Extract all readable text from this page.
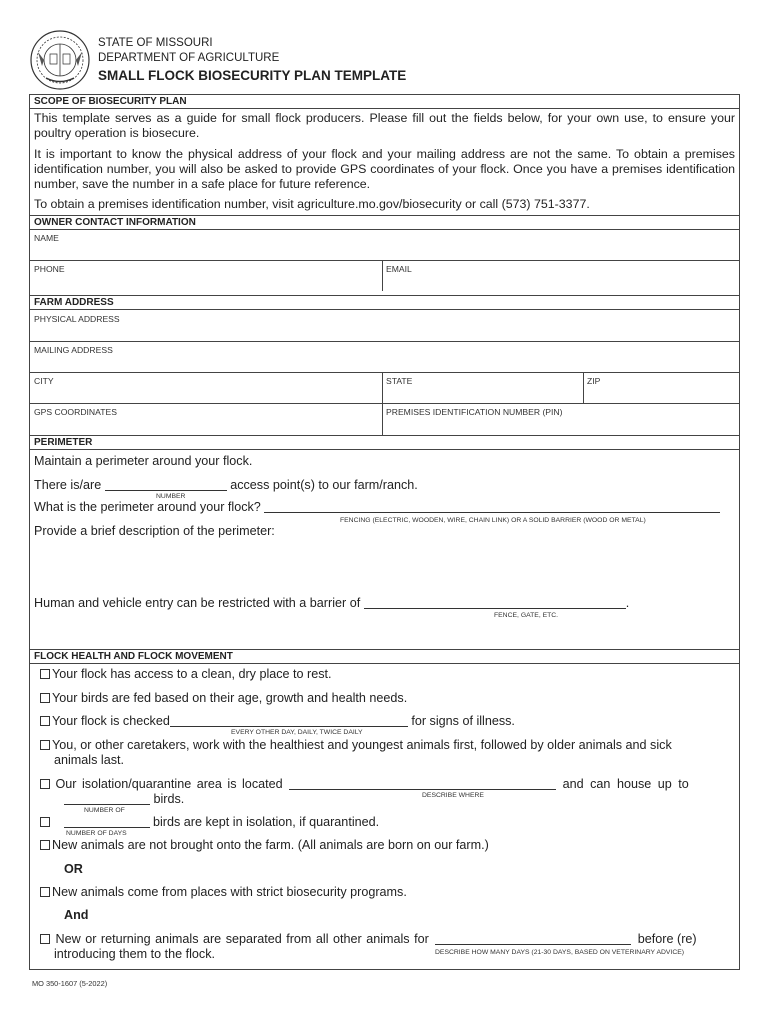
STATE OF MISSOURI
DEPARTMENT OF AGRICULTURE
SMALL FLOCK BIOSECURITY PLAN TEMPLATE
SCOPE OF BIOSECURITY PLAN
This template serves as a guide for small flock producers. Please fill out the fields below, for your own use, to ensure your poultry operation is biosecure.
It is important to know the physical address of your flock and your mailing address are not the same. To obtain a premises identification number, you will also be asked to provide GPS coordinates of your flock. Once you have a premises identification number, save the number in a safe place for future reference.
To obtain a premises identification number, visit agriculture.mo.gov/biosecurity or call (573) 751-3377.
OWNER CONTACT INFORMATION
NAME
PHONE	EMAIL
FARM ADDRESS
PHYSICAL ADDRESS
MAILING ADDRESS
CITY	STATE	ZIP
GPS COORDINATES	PREMISES IDENTIFICATION NUMBER (PIN)
PERIMETER
Maintain a perimeter around your flock.
There is/are	access point(s) to our farm/ranch.
NUMBER
What is the perimeter around your flock?
FENCING (ELECTRIC, WOODEN, WIRE, CHAIN LINK) OR A SOLID BARRIER (WOOD OR METAL)
Provide a brief description of the perimeter:
Human and vehicle entry can be restricted with a barrier of	.
FENCE, GATE, ETC.
FLOCK HEALTH AND FLOCK MOVEMENT
Your flock has access to a clean, dry place to rest.
Your birds are fed based on their age, growth and health needs.
Your flock is checked	for signs of illness.
EVERY OTHER DAY, DAILY, TWICE DAILY
You, or other caretakers, work with the healthiest and youngest animals first, followed by older animals and sick
animals last.
Our isolation/quarantine area is located	and can house up to
DESCRIBE WHERE
birds.
NUMBER OF
birds are kept in isolation, if quarantined.
NUMBER OF DAYS
New animals are not brought onto the farm. (All animals are born on our farm.)
OR
New animals come from places with strict biosecurity programs.
And
New or returning animals are separated from all other animals for	before (re)
introducing them to the flock.	DESCRIBE HOW MANY DAYS (21-30 DAYS, BASED ON VETERINARY ADVICE)
MO 350-1607 (5-2022)
